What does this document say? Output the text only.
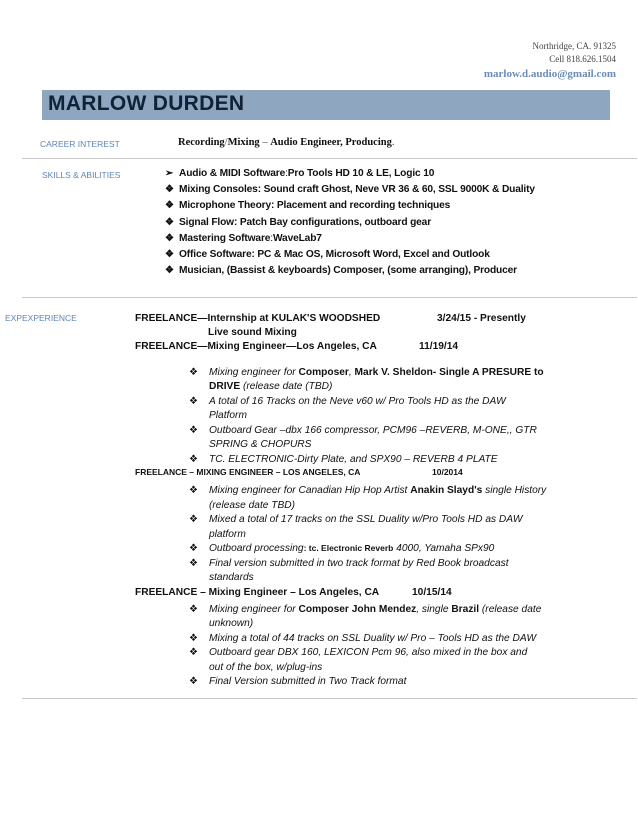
Northridge, CA. 91325
Cell 818.626.1504
marlow.d.audio@gmail.com
MARLOW DURDEN
CAREER INTEREST	Recording/Mixing – Audio Engineer, Producing.
SKILLS & ABILITIES	➢ Audio & MIDI Software : Pro Tools HD 10 & LE, Logic 10
❖ Mixing Consoles: Sound craft Ghost, Neve VR 36 & 60, SSL 9000K & Duality
❖ Microphone Theory: Placement and recording techniques
❖ Signal Flow: Patch Bay configurations, outboard gear
❖ Mastering Software : WaveLab7
❖ Office Software: PC & Mac OS, Microsoft Word, Excel and Outlook
❖ Musician, (Bassist & keyboards) Composer, (some arranging), Producer
EXPEXPERIENCE	FREELANCE—Internship at KULAK'S WOODSHED	3/24/15 - Presently
Live sound Mixing
FREELANCE—Mixing Engineer—Los Angeles, CA	11/19/14
❖	Mixing engineer for Composer, Mark V. Sheldon- Single A PRESURE to
DRIVE (release date (TBD)
❖	A total of 16 Tracks on the Neve v60 w/ Pro Tools HD as the DAW
Platform
❖	Outboard Gear –dbx 166 compressor, PCM96 –REVERB, M-ONE,, GTR
SPRING & CHOPURS
❖	TC. ELECTRONIC-Dirty Plate, and SPX90 – REVERB 4 PLATE
FREELANCE – MIXING ENGINEER – LOS ANGELES, CA	10/2014
❖	Mixing engineer for Canadian Hip Hop Artist Anakin Slayd's single History
(release date TBD)
❖	Mixed a total of 17 tracks on the SSL Duality w/Pro Tools HD as DAW
platform
❖	Outboard processing: tc. Electronic Reverb 4000, Yamaha SPx90
❖	Final version submitted in two track format by Red Book broadcast
standards
FREELANCE – Mixing Engineer – Los Angeles, CA	10/15/14
❖	Mixing engineer for Composer John Mendez, single Brazil (release date
unknown)
❖	Mixing a total of 44 tracks on SSL Duality w/ Pro – Tools HD as the DAW
❖	Outboard gear DBX 160, LEXICON Pcm 96, also mixed in the box and
out of the box, w/plug-ins
❖	Final Version submitted in Two Track format
